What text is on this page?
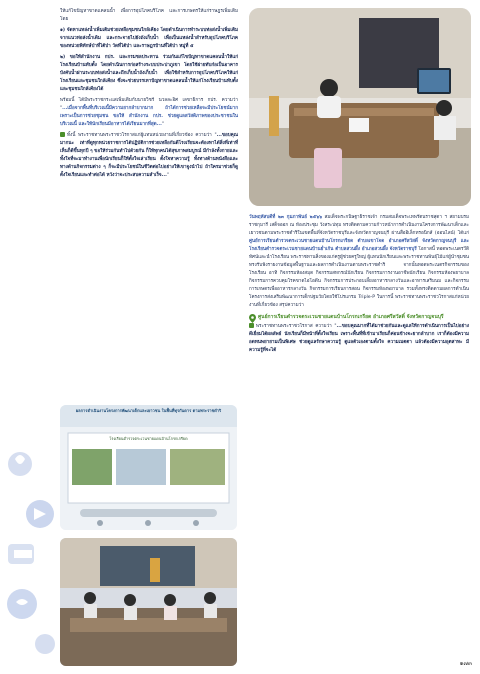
ให้แก้ไขปัญหาขาดแคลนน้ำ เพื่อการอุปโภคบริโภค และการเกษตรให้แก่ราษฎรเพิ่มเติม โดย

๑) จัดหาแหล่งน้ำเพิ่มเติมช่วยเหลือชุมชนใกล้เคียง โดยดำเนินการทำระบบท่อส่งน้ำเพิ่มเติมจากแนวท่อส่งน้ำเดิม และกระจายไปยังถังเก็บน้ำ เพื่อเป็นแหล่งน้ำสำหรับอุปโภคบริโภคของหน่วยพิทักษ์ป่าที่ไต้ป่า วัดที่ไต้ป่า และราษฎรบ้านที่ไต้ป่า หมู่ที่ ๕

๒) ขอให้สำนักงาน กปร. และกรมชลประทาน ร่วมกันแก้ไขปัญหาขาดแคลนน้ำให้แก่โรงเรียนบ้านทับตั้ง โดยดำเนินการก่อสร้างระบบประปาภูเขา โดยใช้ฝายทับก๋อเป็นอาคารบังคับน้ำผ่านระบบท่อส่งน้ำและถึกเก็บน้ำถังเก็บน้ำ เพื่อใช้สำหรับการอุปโภคบริโภคให้แก่โรงเรียนและชุมชนใกล้เคียง ซึ่งจะช่วยบรรเทาปัญหาขาดแคลนน้ำให้แก่โรงเรียนบ้านทับตั้ง และชุมชนใกล้เคียงได้

พร้อมนี้ ได้มีพระราชกระแสเพิ่มเติมกับนายวิชร์ นวลละอิศ เลขาธิการ กปร. ความว่า "...เมื่อจากพื้นที่บริเวณนี้มีความยากลำบากมาก ถ้าได้การช่วยเหลือจะมีประโยชน์มาก เพราะเป็นการช่วยชุมชน ขอให้ สำนักงาน กปร. ช่วยดูแลสวัสดิภาพของประชาชนในบริเวณนี้ และให้นักเรียนมีอาหารได้เรียนมากที่สุด..."

ทั้งนี้ พระราชทานพระราชวโรกาสแก่ผู้แทนหน่วยงานที่เกี่ยวข้อง ความว่า "...ขอบคุณมากนะ เท่าที่ดูทุกหน่วยราชการได้ปฏิบัติการช่วยเหลือกันดีโรงเรียนจะต้องหาได้สิ่งที่เท่าที่เห็นก็ดีขึ้นทุกปี ๆ ขอให้ร่วมกันทำไปด้วยกัน ก็ให้ทุกคนได้สุขภาพสมบูรณ์ มีกำลังทั้งกายและทั้งใจที่จะมาทำงานเพื่อนักเรียนก็ให้ตั้งใจเล่าเรียน ตั้งใจหาความรู้ ทั้งทางด้านหนังสือและทางด้านกิจกรรมต่าง ๆ ก็จะมีประโยชน์ในชีวิตต่อไปอย่างให้เขาจูงนำไป ถ้าใครมาช่วยก็ดูตั้งใจเรียนและทำต่อได้ หวังว่าจะประสบความสำเร็จ..."

วันพฤหัสบดีที่ ๒๓ กุมภาพันธ์ ๒๕๖๖ สมเด็จพระกนิษฐาธิราชเจ้า กรมสมเด็จพระเทพรัตนราชสุดา ฯ สยามบรมราชกุมารี เสด็จออก ณ ห้องประชุม วังสระปทุม ทรงติดตามความก้าวหน้าการดำเนินงานโครงการพัฒนาเด็กและเยาวชนตามพระราชดำริในเขตพื้นที่จังหวัดราชบุรีและจังหวัดกาญจนบุรี ผ่านสื่ออิเล็กทรอนิกส์ (ออนไลน์) ได้แก่ ศูนย์การเรียนตำรวจตระเวนชายแดนบ้านโกรกเกรียด ตำบลเขาโจด อำเภอศรีสวัสดิ์ จังหวัดกาญจนบุรี และโรงเรียนตำรวจตระเวนชายแดนบ้านย่ำเก้น ตำบลสวนผึ้ง อำเภอสวนผึ้ง จังหวัดราชบุรี โอกาสนี้ ทอดพระเนตรวีดิทัศน์และนำโรงเรียน พระราชทานสิ่งของแก่ครูผู้ช่วยครูใหญ่ ผู้แทนนักเรียนและพระราชทานพันธุ์ไม้แก่ผู้นำชุมชน ทรงรับฟังรายงานข้อมูลพื้นฐานและผลการดำเนินงานตามพระราชดำริ จากนั้นทอดพระเนตรกิจกรรมของโรงเรียน อาทิ กิจกรรมห้องสมุด กิจกรรมสหกรณ์นักเรียน กิจกรรมการงานอาชีพนักเรียน กิจกรรมห้องพยาบาล กิจกรรมการควบคุมโรคขาดไอโอดีน กิจกรรมการประกอบเลี้ยงอาหารกลางวันและอาหารเสริมนม และกิจกรรมการเกษตรเพื่ออาหารกลางวัน กิจกรรมการเรียนการสอน กิจกรรมห้องพยาบาล รวมทั้งทรงติดตามผลการดำเนินโครงการส่งเสริมพัฒนาการเด็กปฐมวัยโดยใช้โปรแกรม Triple-P ในการนี้ พระราชทานพระราชวโรกาสแก่หน่วยงานที่เกี่ยวข้อง สรุปความว่า

ศูนย์การเรียนตำรวจตระเวนชายแดนบ้านโกรกเกรียด อำเภอศรีสวัสดิ์ จังหวัดกาญจนบุรี

พระราชทานพระราชวโรกาส ความว่า "...ขอบคุณมากที่ได้มาช่วยกันและดูแลให้การดำเนินการเป็นไปอย่างดีเยี่ยมได้ผลลัพธ์ นักเรียนก็มีหน้าที่ตั้งใจเรียน เพราะพื้นที่ที่เข้ามาเรียนก็ค่อนข้างจะยากลำบาก เราก็ต้องมีความอดทนพยายามเป็นพิเศษ ช่วยดูแลรักษาความรู้ ดูแลตัวเองตามตั้งใจ ความเมตตา แล้วต้องมีความอุตสาหะ มีความรู้ที่จะได้

ผลการดำเนินงานโครงการพัฒนาเด็กและเยาวชน ในพื้นที่ทุรกันดาร ตามพระราชดำริ
โรงเรียนตำรวจตระเวนชายแดนบ้านโกรกเกรียด
๑๗๓
